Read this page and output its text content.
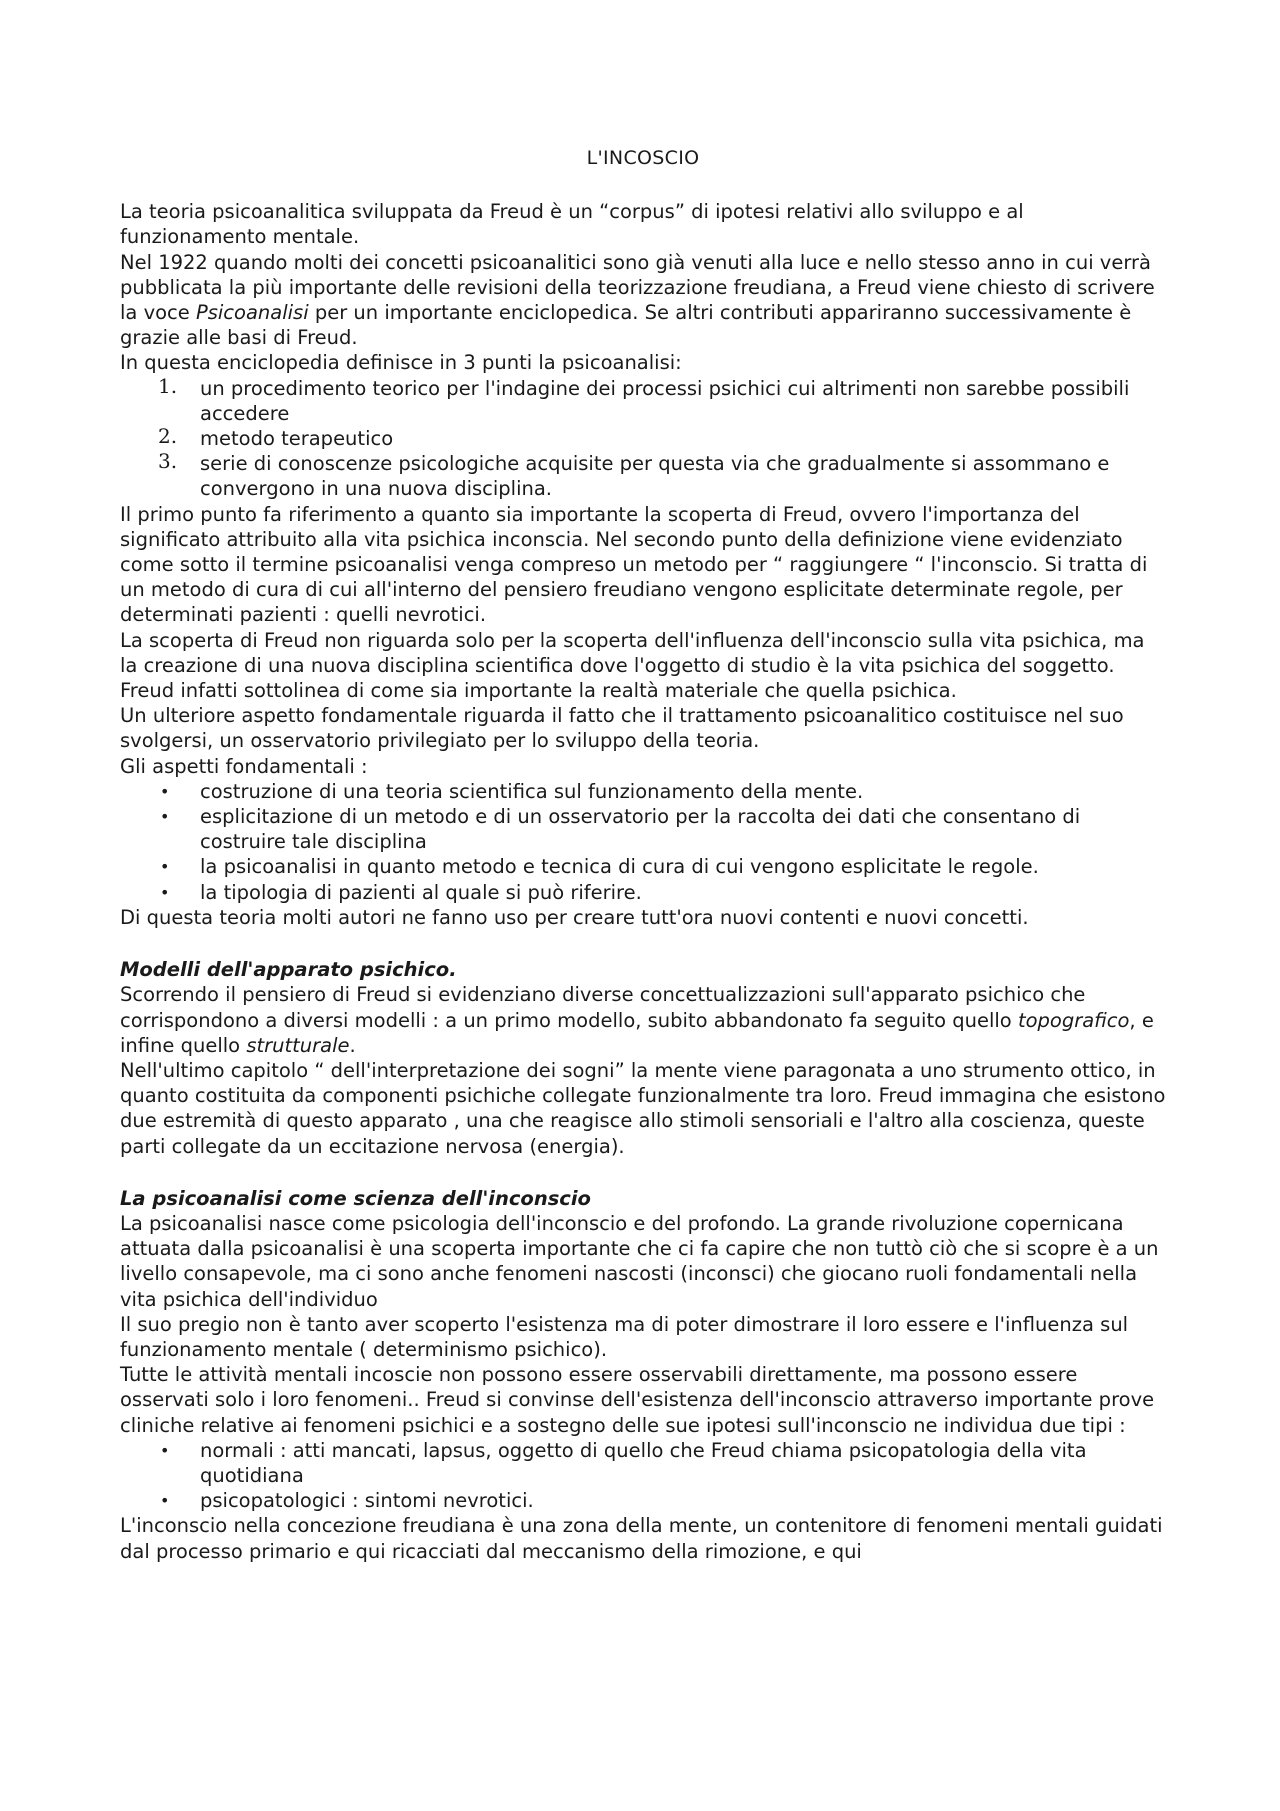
L'INCOSCIO

La teoria psicoanalitica sviluppata da Freud è un “corpus” di ipotesi relativi allo sviluppo e al funzionamento mentale.

Nel 1922 quando molti dei concetti psicoanalitici sono già venuti alla luce e nello stesso anno in cui verrà pubblicata la più importante delle revisioni della teorizzazione freudiana, a Freud viene chiesto di scrivere la voce Psicoanalisi per un importante enciclopedica. Se altri contributi appariranno successivamente è grazie alle basi di Freud.

In questa enciclopedia definisce in 3 punti la psicoanalisi:

1. un procedimento teorico per l'indagine dei processi psichici cui altrimenti non sarebbe possibili accedere
2. metodo terapeutico
3. serie di conoscenze psicologiche acquisite per questa via che gradualmente si assommano e convergono in una nuova disciplina.

Il primo punto fa riferimento a quanto sia importante la scoperta di Freud, ovvero l'importanza del significato attribuito alla vita psichica inconscia. Nel secondo punto della definizione viene evidenziato come sotto il termine psicoanalisi venga compreso un metodo per “ raggiungere “ l'inconscio. Si tratta di un metodo di cura di cui all'interno del pensiero freudiano vengono esplicitate determinate regole, per determinati pazienti : quelli nevrotici.

La scoperta di Freud non riguarda solo per la scoperta dell'influenza dell'inconscio sulla vita psichica, ma la creazione di una nuova disciplina scientifica dove l'oggetto di studio è la vita psichica del soggetto. Freud infatti sottolinea di come sia importante la realtà materiale che quella psichica.

Un ulteriore aspetto fondamentale riguarda il fatto che il trattamento psicoanalitico costituisce nel suo svolgersi, un osservatorio privilegiato per lo sviluppo della teoria.

Gli aspetti fondamentali :

• costruzione di una teoria scientifica sul funzionamento della mente.
• esplicitazione di un metodo e di un osservatorio per la raccolta dei dati che consentano di costruire tale disciplina
• la psicoanalisi in quanto metodo e tecnica di cura di cui vengono esplicitate le regole.
• la tipologia di pazienti al quale si può riferire.

Di questa teoria molti autori ne fanno uso per creare tutt'ora nuovi contenti e nuovi concetti.

Modelli dell'apparato psichico.

Scorrendo il pensiero di Freud si evidenziano diverse concettualizzazioni sull'apparato psichico che corrispondono a diversi modelli : a un primo modello, subito abbandonato fa seguito quello topografico, e infine quello strutturale.

Nell'ultimo capitolo “ dell'interpretazione dei sogni” la mente viene paragonata a uno strumento ottico, in quanto costituita da componenti psichiche collegate funzionalmente tra loro. Freud immagina che esistono due estremità di questo apparato , una che reagisce allo stimoli sensoriali e l'altro alla coscienza, queste parti collegate da un eccitazione nervosa (energia).

La psicoanalisi come scienza dell'inconscio

La psicoanalisi nasce come psicologia dell'inconscio e del profondo. La grande rivoluzione copernicana attuata dalla psicoanalisi è una scoperta importante che ci fa capire che non tuttò ciò che si scopre è a un livello consapevole, ma ci sono anche fenomeni nascosti (inconsci) che giocano ruoli fondamentali nella vita psichica dell'individuo

Il suo pregio non è tanto aver scoperto l'esistenza ma di poter dimostrare il loro essere e l'influenza sul funzionamento mentale ( determinismo psichico).

Tutte le attività mentali incoscie non possono essere osservabili direttamente, ma possono essere osservati solo i loro fenomeni.. Freud si convinse dell'esistenza dell'inconscio attraverso importante prove cliniche relative ai fenomeni psichici e a sostegno delle sue ipotesi sull'inconscio ne individua due tipi :

• normali : atti mancati, lapsus, oggetto di quello che Freud chiama psicopatologia della vita quotidiana
• psicopatologici : sintomi nevrotici.

L'inconscio nella concezione freudiana è una zona della mente, un contenitore di fenomeni mentali guidati dal processo primario e qui ricacciati dal meccanismo della rimozione, e qui
